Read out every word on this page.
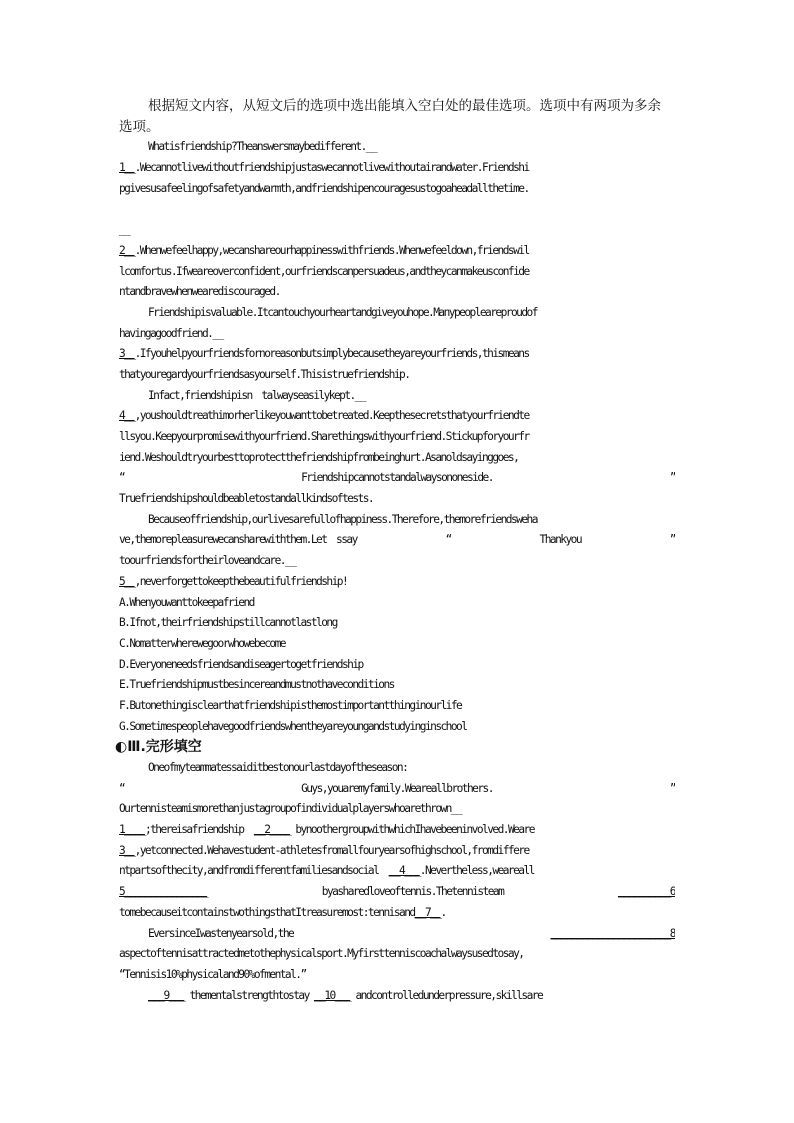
根据短文内容，从短文后的选项中选出能填入空白处的最佳选项。选项中有两项为多余
选项。
Whatisfriendship?Theanswersmaybedifferent.__
1__.Wecannotlivewithoutfriendshipjustaswecannotlivewithoutairandwater.Friendshi
pgivesusafeelingofsafetyandwarmth,andfriendshipencouragesustogoaheadallthetime.
__
2__.Whenwefeelhappy,wecanshareourhappinesswithfriends.Whenwefeeldown,friendswil
lcomfortus.Ifweareoverconfident,ourfriendscanpersuadeus,andtheycanmakeusconfide
ntandbravewhenwearediscouraged.
Friendshipisvaluable.Itcantouchyourheartandgiveyouhope.Manypeopleareproudof
havingagoodfriend.__
3__.Ifyouhelpyourfriendsfornoreasonbutsimplybecausetheyareyourfriends,thismeans
thatyouregardyourfriendsasyourself.Thisistruefriendship.
Infact,friendshipisn　talwayseasilykept.__
4__,youshouldtreathimorherlikeyouwanttobetreated.Keepthesecretsthatyourfriendte
llsyou.Keepyourpromisewithyourfriend.Sharethingswithyourfriend.Stickupforyourfr
iend.Weshouldtryourbesttoprotectthefriendshipfrombeinghurt.Asanoldsayinggoes,
“	Friendshipcannotstandalwaysononeside.	”
Truefriendshipshouldbeabletostandallkindsoftests.
Becauseoffriendship,ourlivesarefullofhappiness.Therefore,themorefriendsweha
ve,themorepleasurewecansharewiththem.Let　ssay	“	Thankyou	”
toourfriendsfortheirloveandcare.__
5__,neverforgettokeepthebeautifulfriendship!
A.Whenyouwanttokeepafriend
B.Ifnot,theirfriendshipstillcannotlastlong
C.Nomatterwherewegoorwhowebecome
D.Everyoneneedsfriendsandiseagertogetfriendship
E.Truefriendshipmustbesincereandmustnothaveconditions
F.Butonethingisclearthatfriendshipisthemostimportantthinginourlife
G.Sometimespeoplehavegoodfriendswhentheyareyoungandstudyinginschool
◐Ⅲ.完形填空
Oneofmyteammatessaiditbestonourlastdayoftheseason:
“	Guys,youaremyfamily.Weareallbrothers.	”
Ourtennisteamismorethanjustagroupofindividualplayerswhoarethrown__
1____;thereisafriendship __2____ bynoothergroupwithwhichIhavebeeninvolved.Weare
3__,yetconnected.Wehavestudent-athletesfromallfouryearsofhighschool,fromdiffere
ntpartsofthecity,andfromdifferentfamiliesandsocial __4___.Nevertheless,weareall
5________________	byasharedloveoftennis.Thetennisteam	__________6
tomebecauseitcontainstwothingsthatItreasuremost:tennisand__7__.
EversinceIwastenyearsold,the	_______________________8
aspectoftennisattractedmetothephysicalsport.Myfirsttenniscoachalwaysusedtosay,
“Tennisis10%physicaland90%ofmental.”
___9___ thementalstrengthtostay __10___ andcontrolledunderpressure,skillsare
